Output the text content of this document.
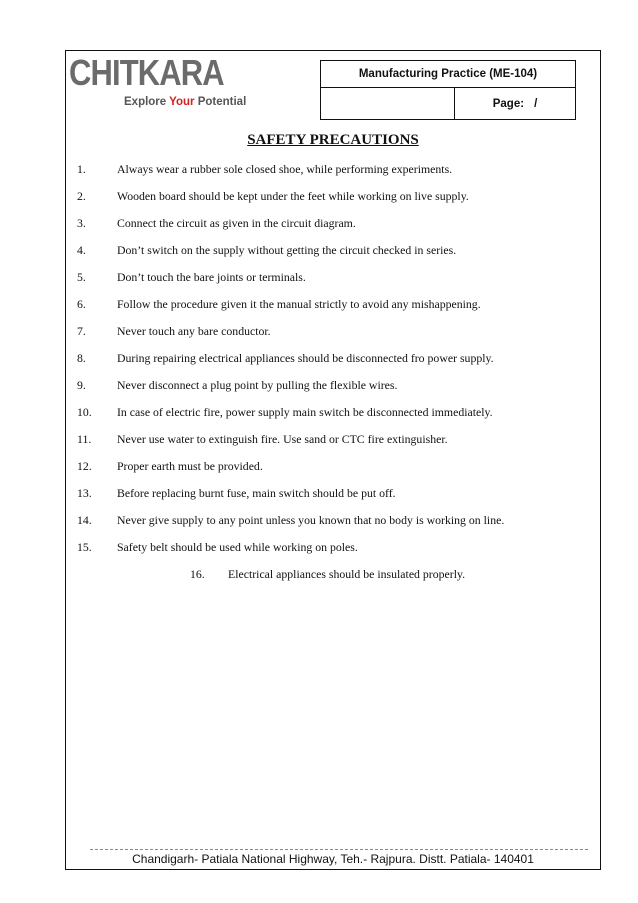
CHITKARA
Explore Your Potential
Manufacturing Practice (ME-104)
Page: /
SAFETY PRECAUTIONS
1.	Always wear a rubber sole closed shoe, while performing experiments.
2.	Wooden board should be kept under the feet while working on live supply.
3.	Connect the circuit as given in the circuit diagram.
4.	Don’t switch on the supply without getting the circuit checked in series.
5.	Don’t touch the bare joints or terminals.
6.	Follow the procedure given it the manual strictly to avoid any mishappening.
7.	Never touch any bare conductor.
8.	During repairing electrical appliances should be disconnected fro power supply.
9.	Never disconnect a plug point by pulling the flexible wires.
10. In case of electric fire, power supply main switch be disconnected immediately.
11. Never use water to extinguish fire. Use sand or CTC fire extinguisher.
12. Proper earth must be provided.
13. Before replacing burnt fuse, main switch should be put off.
14. Never give supply to any point unless you known that no body is working on line.
15. Safety belt should be used while working on poles.
16. Electrical appliances should be insulated properly.
Chandigarh- Patiala National Highway, Teh.- Rajpura. Distt. Patiala- 140401
